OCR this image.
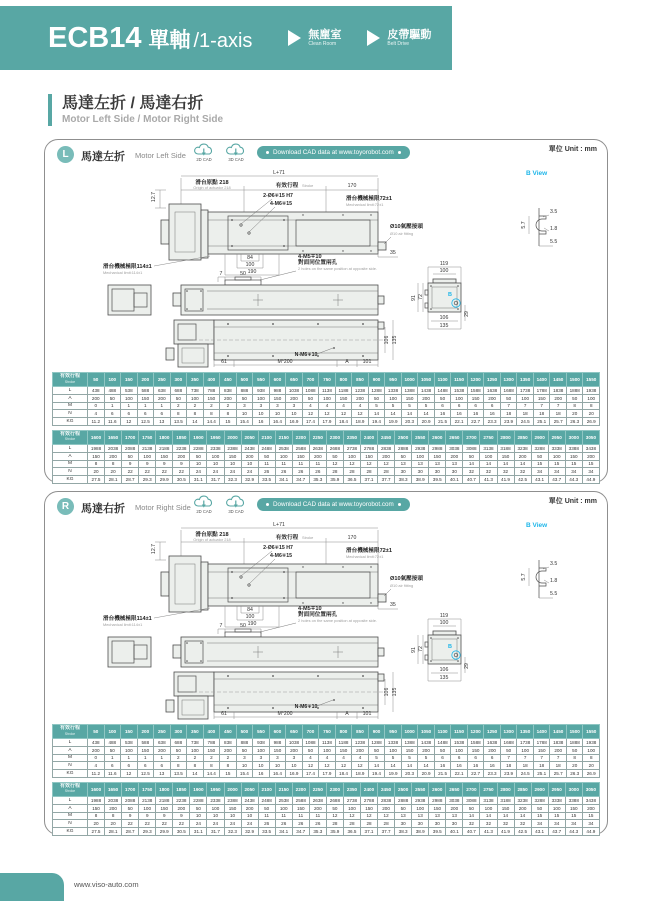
ECB14 單軸 /1-axis	無塵室
Clean Room
皮帶驅動
Belt Drive
馬達左折 / 馬達右折
Motor Left Side / Motor Right Side
L	馬達左折 Motor Left Side	2D CAD	3D CAD
Download CAD data at www.toyorobot.com	單位 Unit : mm
L+71
滑台原點 218
Origin of actuator 218	有效行程 Stroke	170
2-Ø6∓15 H7
4-M6∓15
滑台機械極限72±1
Mechanical limit:72±1
12.7
Ø10氣壓接頭
Ø10 air fitting
35
滑台機械極限114±1
Mechanical limit:114±1
84
100
190
B View
3.5
5.7
1.8
5.5
4-M5∓10
對面同位置兩孔
2 holes on the same position at opposite side.
7	50
119
100
B
91 72
106
135
29
106 135
N-M6∓10
61	M*200	A	101
有效行程
Stroke	50	100	150	200	250	300	350	400	450	500	550	600	650	700	750	800	850	900	950	1000	1050	1100	1150	1200	1250	1300	1350	1400	1450	1500	1550
L	438	488	538	588	638	688	738	788	838	888	938	988	1038	1088	1138	1188	1238	1288	1338	1388	1438	1488	1538	1588	1638	1688	1738	1788	1838	1888	1938
A	200	50	100	150	200	50	100	150	200	50	100	150	200	50	100	150	200	50	100	150	200	50	100	150	200	50	100	150	200	50	100
M	0	1	1	1	1	2	2	2	2	3	3	3	3	4	4	4	4	5	5	5	5	6	6	6	6	7	7	7	7	8	8
N	4	6	6	6	6	8	8	8	8	10	10	10	10	12	12	12	12	14	14	14	14	16	16	16	16	18	18	18	18	20	20
KG	11.2	11.6	12	12.5	13	13.5	14	14.4	15	15.4	16	16.4	16.9	17.4	17.9	18.4	18.9	19.4	19.9	20.3	20.9	21.5	22.1	22.7	23.3	23.9	24.5	25.1	25.7	26.3	26.9
有效行程
Stroke	1600	1650	1700	1750	1800	1850	1900	1950	2000	2050	2100	2150	2200	2250	2300	2350	2400	2450	2500	2550	2600	2650	2700	2750	2800	2850	2900	2950	3000	3050
L	1988	2038	2088	2138	2188	2238	2288	2338	2388	2438	2488	2538	2588	2638	2688	2738	2788	2838	2888	2938	2988	3038	3088	3138	3188	3238	3288	3338	3388	3438
A	150	200	50	100	150	200	50	100	150	200	50	100	150	200	50	100	150	200	50	100	150	200	50	100	150	200	50	100	150	200
M	8	8	9	9	9	9	10	10	10	10	11	11	11	11	12	12	12	12	13	13	13	13	14	14	14	14	15	15	15	15
N	20	20	22	22	22	22	24	24	24	24	26	26	26	26	28	28	28	28	30	30	30	30	32	32	32	32	34	34	34	34
KG	27.5	28.1	28.7	29.3	29.9	30.5	31.1	31.7	32.3	32.9	33.5	34.1	34.7	35.3	35.9	36.5	37.1	37.7	38.3	38.9	39.5	40.1	40.7	41.3	41.9	42.5	43.1	43.7	44.3	44.9
R	馬達右折 Motor Right Side	2D CAD	3D CAD
Download CAD data at www.toyorobot.com	單位 Unit : mm
L+71
滑台原點 218
Origin of actuator 218	有效行程 Stroke	170
2-Ø6∓15 H7
4-M6∓15
滑台機械極限72±1
Mechanical limit:72±1
12.7
Ø10氣壓接頭
Ø10 air fitting
35
滑台機械極限114±1
Mechanical limit:114±1
84
100
190
B View
3.5
5.7
1.8
5.5
4-M5∓10
對面同位置兩孔
2 holes on the same position at opposite side.
7	50
119
100
B
91 72
106
135
29
106 135
N-M6∓10
61	M*200	A	101
有效行程
Stroke	50	100	150	200	250	300	350	400	450	500	550	600	650	700	750	800	850	900	950	1000	1050	1100	1150	1200	1250	1300	1350	1400	1450	1500	1550
L	438	488	538	588	638	688	738	788	838	888	938	988	1038	1088	1138	1188	1238	1288	1338	1388	1438	1488	1538	1588	1638	1688	1738	1788	1838	1888	1938
A	200	50	100	150	200	50	100	150	200	50	100	150	200	50	100	150	200	50	100	150	200	50	100	150	200	50	100	150	200	50	100
M	0	1	1	1	1	2	2	2	2	3	3	3	3	4	4	4	4	5	5	5	5	6	6	6	6	7	7	7	7	8	8
N	4	6	6	6	6	8	8	8	8	10	10	10	10	12	12	12	12	14	14	14	14	16	16	16	16	18	18	18	18	20	20
KG	11.2	11.6	12	12.5	13	13.5	14	14.4	15	15.4	16	16.4	16.9	17.4	17.9	18.4	18.9	19.4	19.9	20.3	20.9	21.5	22.1	22.7	23.3	23.9	24.5	25.1	25.7	26.3	26.9
有效行程
Stroke	1600	1650	1700	1750	1800	1850	1900	1950	2000	2050	2100	2150	2200	2250	2300	2350	2400	2450	2500	2550	2600	2650	2700	2750	2800	2850	2900	2950	3000	3050
L	1988	2038	2088	2138	2188	2238	2288	2338	2388	2438	2488	2538	2588	2638	2688	2738	2788	2838	2888	2938	2988	3038	3088	3138	3188	3238	3288	3338	3388	3438
A	150	200	50	100	150	200	50	100	150	200	50	100	150	200	50	100	150	200	50	100	150	200	50	100	150	200	50	100	150	200
M	8	8	9	9	9	9	10	10	10	10	11	11	11	11	12	12	12	12	13	13	13	13	14	14	14	14	15	15	15	15
N	20	20	22	22	22	22	24	24	24	24	26	26	26	26	28	28	28	28	30	30	30	30	32	32	32	32	34	34	34	34
KG	27.5	28.1	28.7	29.3	29.9	30.5	31.1	31.7	32.3	32.9	33.5	34.1	34.7	35.3	35.9	36.5	37.1	37.7	38.3	38.9	39.5	40.1	40.7	41.3	41.9	42.5	43.1	43.7	44.3	44.9
www.viso-auto.com
